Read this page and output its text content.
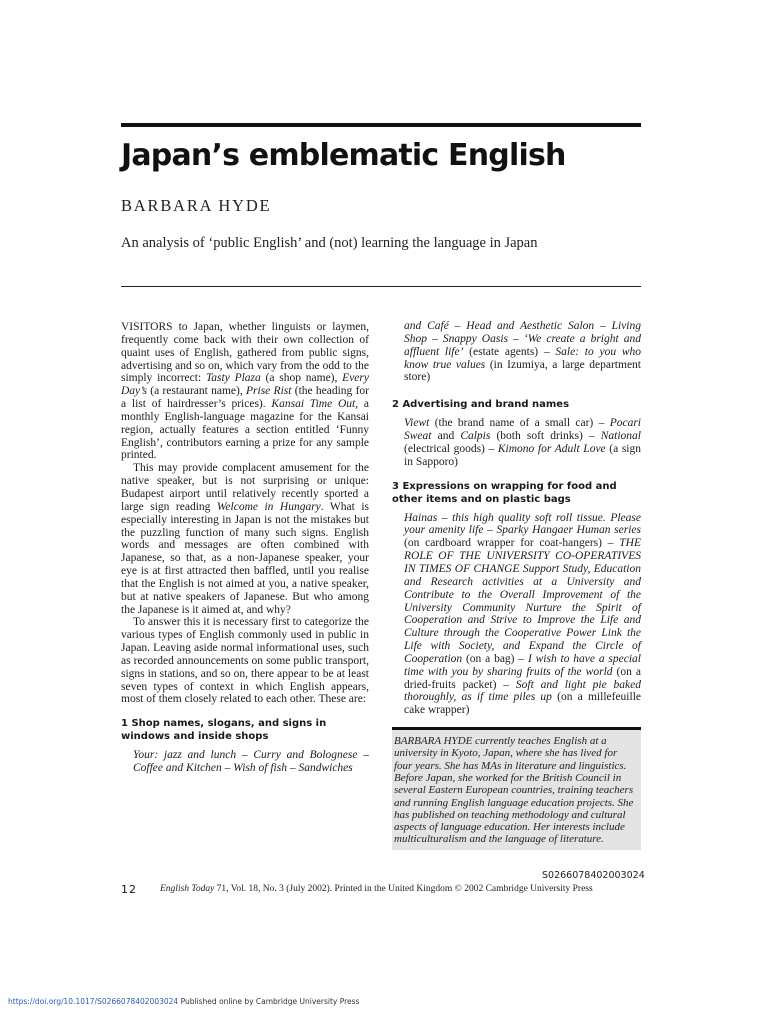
Japan’s emblematic English
BARBARA HYDE
An analysis of ‘public English’ and (not) learning the language in Japan

VISITORS to Japan, whether linguists or laymen, frequently come back with their own collection of quaint uses of English, gathered from public signs, advertising and so on, which vary from the odd to the simply incorrect: Tasty Plaza (a shop name), Every Day’s (a restaurant name), Prise Rist (the heading for a list of hairdresser’s prices). Kansai Time Out, a monthly English-language magazine for the Kansai region, actually features a section entitled ‘Funny English’, contributors earning a prize for any sample printed.

This may provide complacent amusement for the native speaker, but is not surprising or unique: Budapest airport until relatively recently sported a large sign reading Welcome in Hungary. What is especially interesting in Japan is not the mistakes but the puzzling function of many such signs. English words and messages are often combined with Japanese, so that, as a non-Japanese speaker, your eye is at first attracted then baffled, until you realise that the English is not aimed at you, a native speaker, but at native speakers of Japanese. But who among the Japanese is it aimed at, and why?

To answer this it is necessary first to categorize the various types of English commonly used in public in Japan. Leaving aside normal informational uses, such as recorded announcements on some public transport, signs in stations, and so on, there appear to be at least seven types of context in which English appears, most of them closely related to each other. These are:

1 Shop names, slogans, and signs in windows and inside shops

Your: jazz and lunch – Curry and Bolognese – Coffee and Kitchen – Wish of fish – Sandwiches

and Café – Head and Aesthetic Salon – Living Shop – Snappy Oasis – ‘We create a bright and affluent life’ (estate agents) – Sale: to you who know true values (in Izumiya, a large department store)

2 Advertising and brand names

Viewt (the brand name of a small car) – Pocari Sweat and Calpis (both soft drinks) – National (electrical goods) – Kimono for Adult Love (a sign in Sapporo)

3 Expressions on wrapping for food and other items and on plastic bags

Hainas – this high quality soft roll tissue. Please your amenity life – Sparky Hangaer Human series (on cardboard wrapper for coat-hangers) – THE ROLE OF THE UNIVERSITY CO-OPERATIVES IN TIMES OF CHANGE Support Study, Education and Research activities at a University and Contribute to the Overall Improvement of the University Community Nurture the Spirit of Cooperation and Strive to Improve the Life and Culture through the Cooperative Power Link the Life with Society, and Expand the Circle of Cooperation (on a bag) – I wish to have a special time with you by sharing fruits of the world (on a dried-fruits packet) – Soft and light pie baked thoroughly, as if time piles up (on a millefeuille cake wrapper)

BARBARA HYDE currently teaches English at a university in Kyoto, Japan, where she has lived for four years. She has MAs in literature and linguistics. Before Japan, she worked for the British Council in several Eastern European countries, training teachers and running English language education projects. She has published on teaching methodology and cultural aspects of language education. Her interests include multiculturalism and the language of literature.
S0266078402003024
12 English Today 71, Vol. 18, No. 3 (July 2002). Printed in the United Kingdom © 2002 Cambridge University Press
https://doi.org/10.1017/S0266078402003024 Published online by Cambridge University Press
